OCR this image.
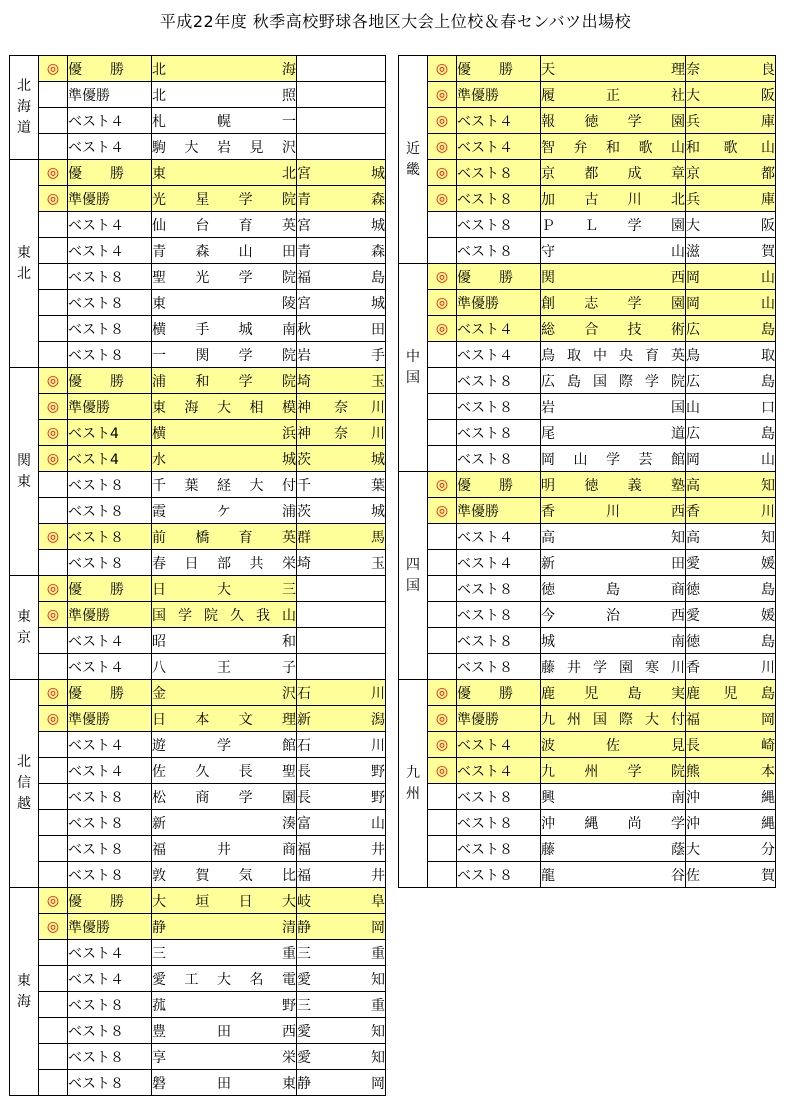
平成22年度 秋季高校野球各地区大会上位校＆春センバツ出場校
北
海
道	◎	優　　勝	北海	
		準優勝	北照	
		ベスト４	札幌一	
		ベスト４	駒大岩見沢	

東
北	◎	優　　勝	東北	宮城
	◎	準優勝	光星学院	青森
		ベスト４	仙台育英	宮城
		ベスト４	青森山田	青森
		ベスト８	聖光学院	福島
		ベスト８	東陵	宮城
		ベスト８	横手城南	秋田
		ベスト８	一関学院	岩手

関
東	◎	優　　勝	浦和学院	埼玉
	◎	準優勝	東海大相模	神奈川
	◎	ベスト4	横浜	神奈川
	◎	ベスト4	水城	茨城
		ベスト８	千葉経大付	千葉
		ベスト８	霞ケ浦	茨城
	◎	ベスト８	前橋育英	群馬
		ベスト８	春日部共栄	埼玉

東
京	◎	優　　勝	日大三	
	◎	準優勝	国学院久我山	
		ベスト４	昭和	
		ベスト４	八王子	

北
信
越	◎	優　　勝	金沢	石川
	◎	準優勝	日本文理	新潟
		ベスト４	遊学館	石川
		ベスト４	佐久長聖	長野
		ベスト８	松商学園	長野
		ベスト８	新湊	富山
		ベスト８	福井商	福井
		ベスト８	敦賀気比	福井

東
海	◎	優　　勝	大垣日大	岐阜
	◎	準優勝	静清	静岡
		ベスト４	三重	三重
		ベスト４	愛工大名電	愛知
		ベスト８	菰野	三重
		ベスト８	豊田西	愛知
		ベスト８	享栄	愛知
		ベスト８	磐田東	静岡
近
畿	◎	優　　勝	天理	奈良
	◎	準優勝	履正社	大阪
	◎	ベスト４	報徳学園	兵庫
	◎	ベスト４	智弁和歌山	和歌山
	◎	ベスト８	京都成章	京都
	◎	ベスト８	加古川北	兵庫
		ベスト８	ＰＬ学園	大阪
		ベスト８	守山	滋賀

中
国	◎	優　　勝	関西	岡山
	◎	準優勝	創志学園	岡山
	◎	ベスト４	総合技術	広島
		ベスト４	鳥取中央育英	鳥取
		ベスト８	広島国際学院	広島
		ベスト８	岩国	山口
		ベスト８	尾道	広島
		ベスト８	岡山学芸館	岡山

四
国	◎	優　　勝	明徳義塾	高知
	◎	準優勝	香川西	香川
		ベスト４	高知	高知
		ベスト４	新田	愛媛
		ベスト８	徳島商	徳島
		ベスト８	今治西	愛媛
		ベスト８	城南	徳島
		ベスト８	藤井学園寒川	香川

九
州	◎	優　　勝	鹿児島実	鹿児島
	◎	準優勝	九州国際大付	福岡
	◎	ベスト４	波佐見	長崎
	◎	ベスト４	九州学院	熊本
		ベスト８	興南	沖縄
		ベスト８	沖縄尚学	沖縄
		ベスト８	藤蔭	大分
		ベスト８	龍谷	佐賀
